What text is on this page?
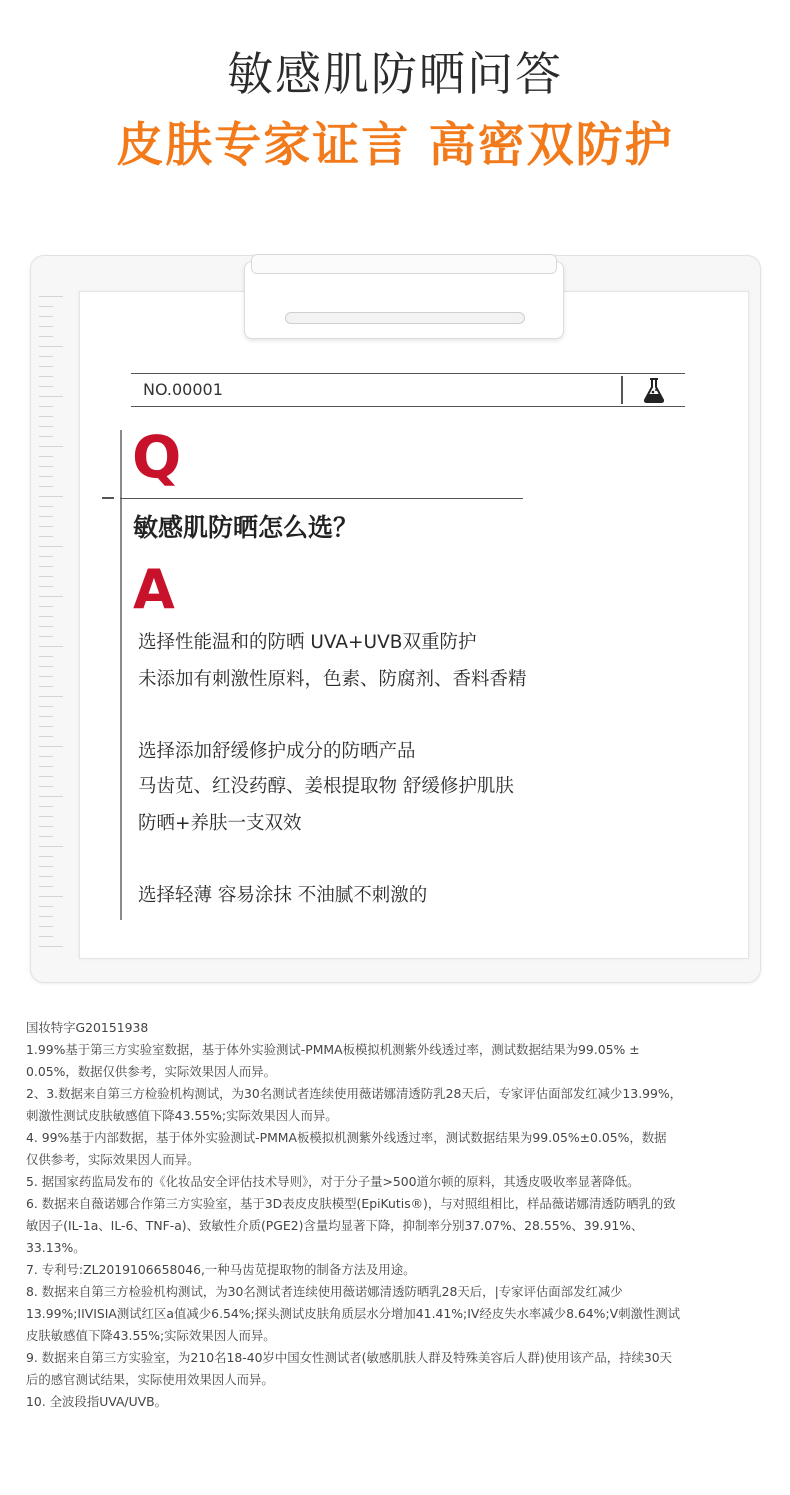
敏感肌防晒问答
皮肤专家证言 高密双防护
NO.00001
Q
敏感肌防晒怎么选？
A
选择性能温和的防晒 UVA+UVB双重防护
未添加有刺激性原料，色素、防腐剂、香料香精
选择添加舒缓修护成分的防晒产品
马齿苋、红没药醇、姜根提取物 舒缓修护肌肤
防晒+养肤一支双效
选择轻薄 容易涂抹 不油腻不刺激的

国妆特字G20151938

1.99%基于第三方实验室数据，基于体外实验测试-PMMA板模拟机测紫外线透过率，测试数据结果为99.05% ±

0.05%，数据仅供参考，实际效果因人而异。

2、3.数据来自第三方检验机构测试，为30名测试者连续使用薇诺娜清透防乳28天后，专家评估面部发红减少13.99%，

刺激性测试皮肤敏感值下降43.55%;实际效果因人而异。

4. 99%基于内部数据，基于体外实验测试-PMMA板模拟机测紫外线透过率，测试数据结果为99.05%±0.05%，数据

仅供参考，实际效果因人而异。

5. 据国家药监局发布的《化妆品安全评估技术导则》，对于分子量>500道尔顿的原料，其透皮吸收率显著降低。

6. 数据来自薇诺娜合作第三方实验室，基于3D表皮皮肤模型(EpiKutis®)，与对照组相比，样品薇诺娜清透防晒乳的致

敏因子(IL-1a、IL-6、TNF-a)、致敏性介质(PGE2)含量均显著下降，抑制率分别37.07%、28.55%、39.91%、

33.13%。

7. 专利号:ZL2019106658046,一种马齿苋提取物的制备方法及用途。

8. 数据来自第三方检验机构测试，为30名测试者连续使用薇诺娜清透防晒乳28天后，|专家评估面部发红减少

13.99%;IIVISIA测试红区a值减少6.54%;探头测试皮肤角质层水分增加41.41%;IV经皮失水率减少8.64%;V刺激性测试

皮肤敏感值下降43.55%;实际效果因人而异。

9. 数据来自第三方实验室，为210名18-40岁中国女性测试者(敏感肌肤人群及特殊美容后人群)使用该产品，持续30天

后的感官测试结果，实际使用效果因人而异。

10. 全波段指UVA/UVB。
